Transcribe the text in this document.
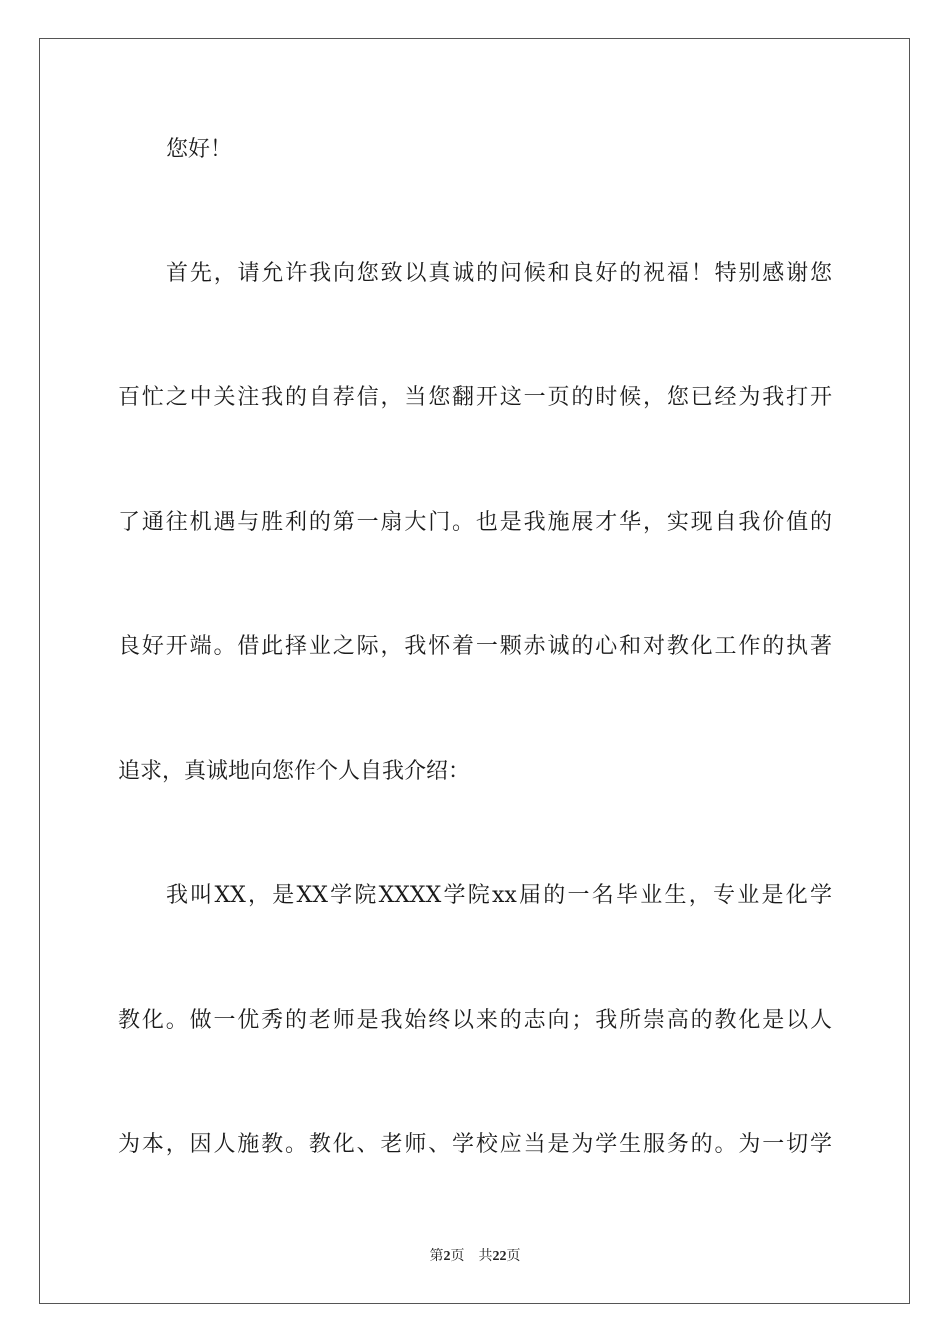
您好！
首先，请允许我向您致以真诚的问候和良好的祝福！特别感谢您
百忙之中关注我的自荐信，当您翻开这一页的时候，您已经为我打开
了通往机遇与胜利的第一扇大门。也是我施展才华，实现自我价值的
良好开端。借此择业之际，我怀着一颗赤诚的心和对教化工作的执著
追求，真诚地向您作个人自我介绍：
我叫XX，是XX学院XXXX学院xx届的一名毕业生，专业是化学
教化。做一优秀的老师是我始终以来的志向；我所崇高的教化是以人
为本，因人施教。教化、老师、学校应当是为学生服务的。为一切学
第2页 共22页
